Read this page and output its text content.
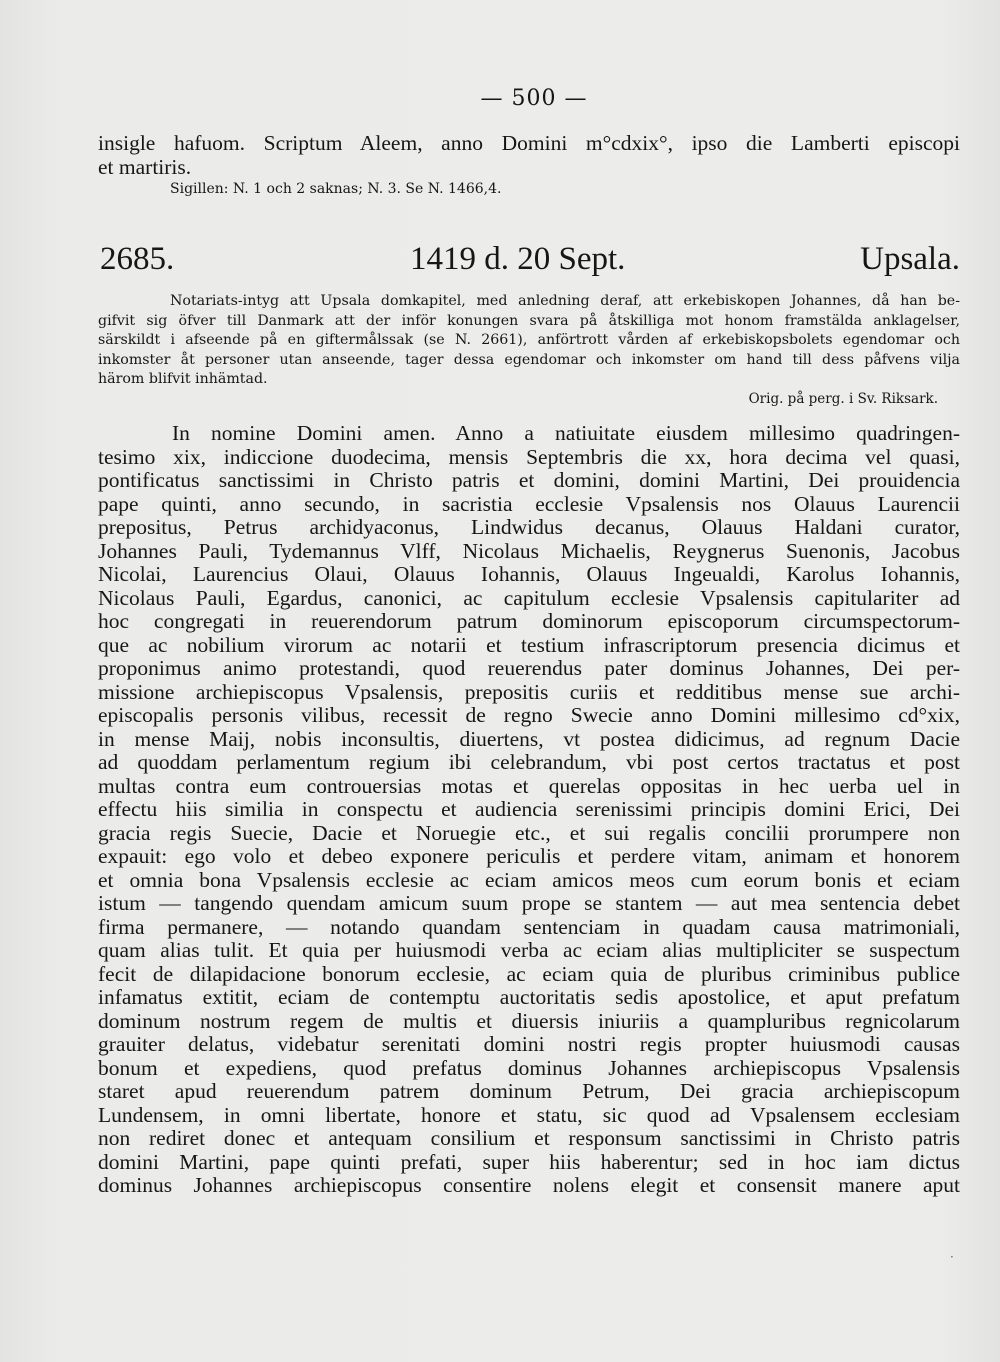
— 500 —
insigle hafuom. Scriptum Aleem, anno Domini m°cdxix°, ipso die Lamberti episcopi
et martiris.
Sigillen: N. 1 och 2 saknas; N. 3. Se N. 1466,4.
2685.	1419 d. 20 Sept.	Upsala.
Notariats-intyg att Upsala domkapitel, med anledning deraf, att erkebiskopen Johannes, då han be-
gifvit sig öfver till Danmark att der inför konungen svara på åtskilliga mot honom framstälda anklagelser,
särskildt i afseende på en giftermålssak (se N. 2661), anförtrott vården af erkebiskopsbolets egendomar och
inkomster åt personer utan anseende, tager dessa egendomar och inkomster om hand till dess påfvens vilja
härom blifvit inhämtad.
Orig. på perg. i Sv. Riksark.
In nomine Domini amen. Anno a natiuitate eiusdem millesimo quadringen-
tesimo xix, indiccione duodecima, mensis Septembris die xx, hora decima vel quasi,
pontificatus sanctissimi in Christo patris et domini, domini Martini, Dei prouidencia
pape quinti, anno secundo, in sacristia ecclesie Vpsalensis nos Olauus Laurencii
prepositus, Petrus archidyaconus, Lindwidus decanus, Olauus Haldani curator,
Johannes Pauli, Tydemannus Vlff, Nicolaus Michaelis, Reygnerus Suenonis, Jacobus
Nicolai, Laurencius Olaui, Olauus Iohannis, Olauus Ingeualdi, Karolus Iohannis,
Nicolaus Pauli, Egardus, canonici, ac capitulum ecclesie Vpsalensis capitulariter ad
hoc congregati in reuerendorum patrum dominorum episcoporum circumspectorum-
que ac nobilium virorum ac notarii et testium infrascriptorum presencia dicimus et
proponimus animo protestandi, quod reuerendus pater dominus Johannes, Dei per-
missione archiepiscopus Vpsalensis, prepositis curiis et redditibus mense sue archi-
episcopalis personis vilibus, recessit de regno Swecie anno Domini millesimo cd°xix,
in mense Maij, nobis inconsultis, diuertens, vt postea didicimus, ad regnum Dacie
ad quoddam perlamentum regium ibi celebrandum, vbi post certos tractatus et post
multas contra eum controuersias motas et querelas oppositas in hec uerba uel in
effectu hiis similia in conspectu et audiencia serenissimi principis domini Erici, Dei
gracia regis Suecie, Dacie et Noruegie etc., et sui regalis concilii prorumpere non
expauit: ego volo et debeo exponere periculis et perdere vitam, animam et honorem
et omnia bona Vpsalensis ecclesie ac eciam amicos meos cum eorum bonis et eciam
istum — tangendo quendam amicum suum prope se stantem — aut mea sentencia debet
firma permanere, — notando quandam sentenciam in quadam causa matrimoniali,
quam alias tulit. Et quia per huiusmodi verba ac eciam alias multipliciter se suspectum
fecit de dilapidacione bonorum ecclesie, ac eciam quia de pluribus criminibus publice
infamatus extitit, eciam de contemptu auctoritatis sedis apostolice, et aput prefatum
dominum nostrum regem de multis et diuersis iniuriis a quampluribus regnicolarum
grauiter delatus, videbatur serenitati domini nostri regis propter huiusmodi causas
bonum et expediens, quod prefatus dominus Johannes archiepiscopus Vpsalensis
staret apud reuerendum patrem dominum Petrum, Dei gracia archiepiscopum
Lundensem, in omni libertate, honore et statu, sic quod ad Vpsalensem ecclesiam
non rediret donec et antequam consilium et responsum sanctissimi in Christo patris
domini Martini, pape quinti prefati, super hiis haberentur; sed in hoc iam dictus
dominus Johannes archiepiscopus consentire nolens elegit et consensit manere aput
·
